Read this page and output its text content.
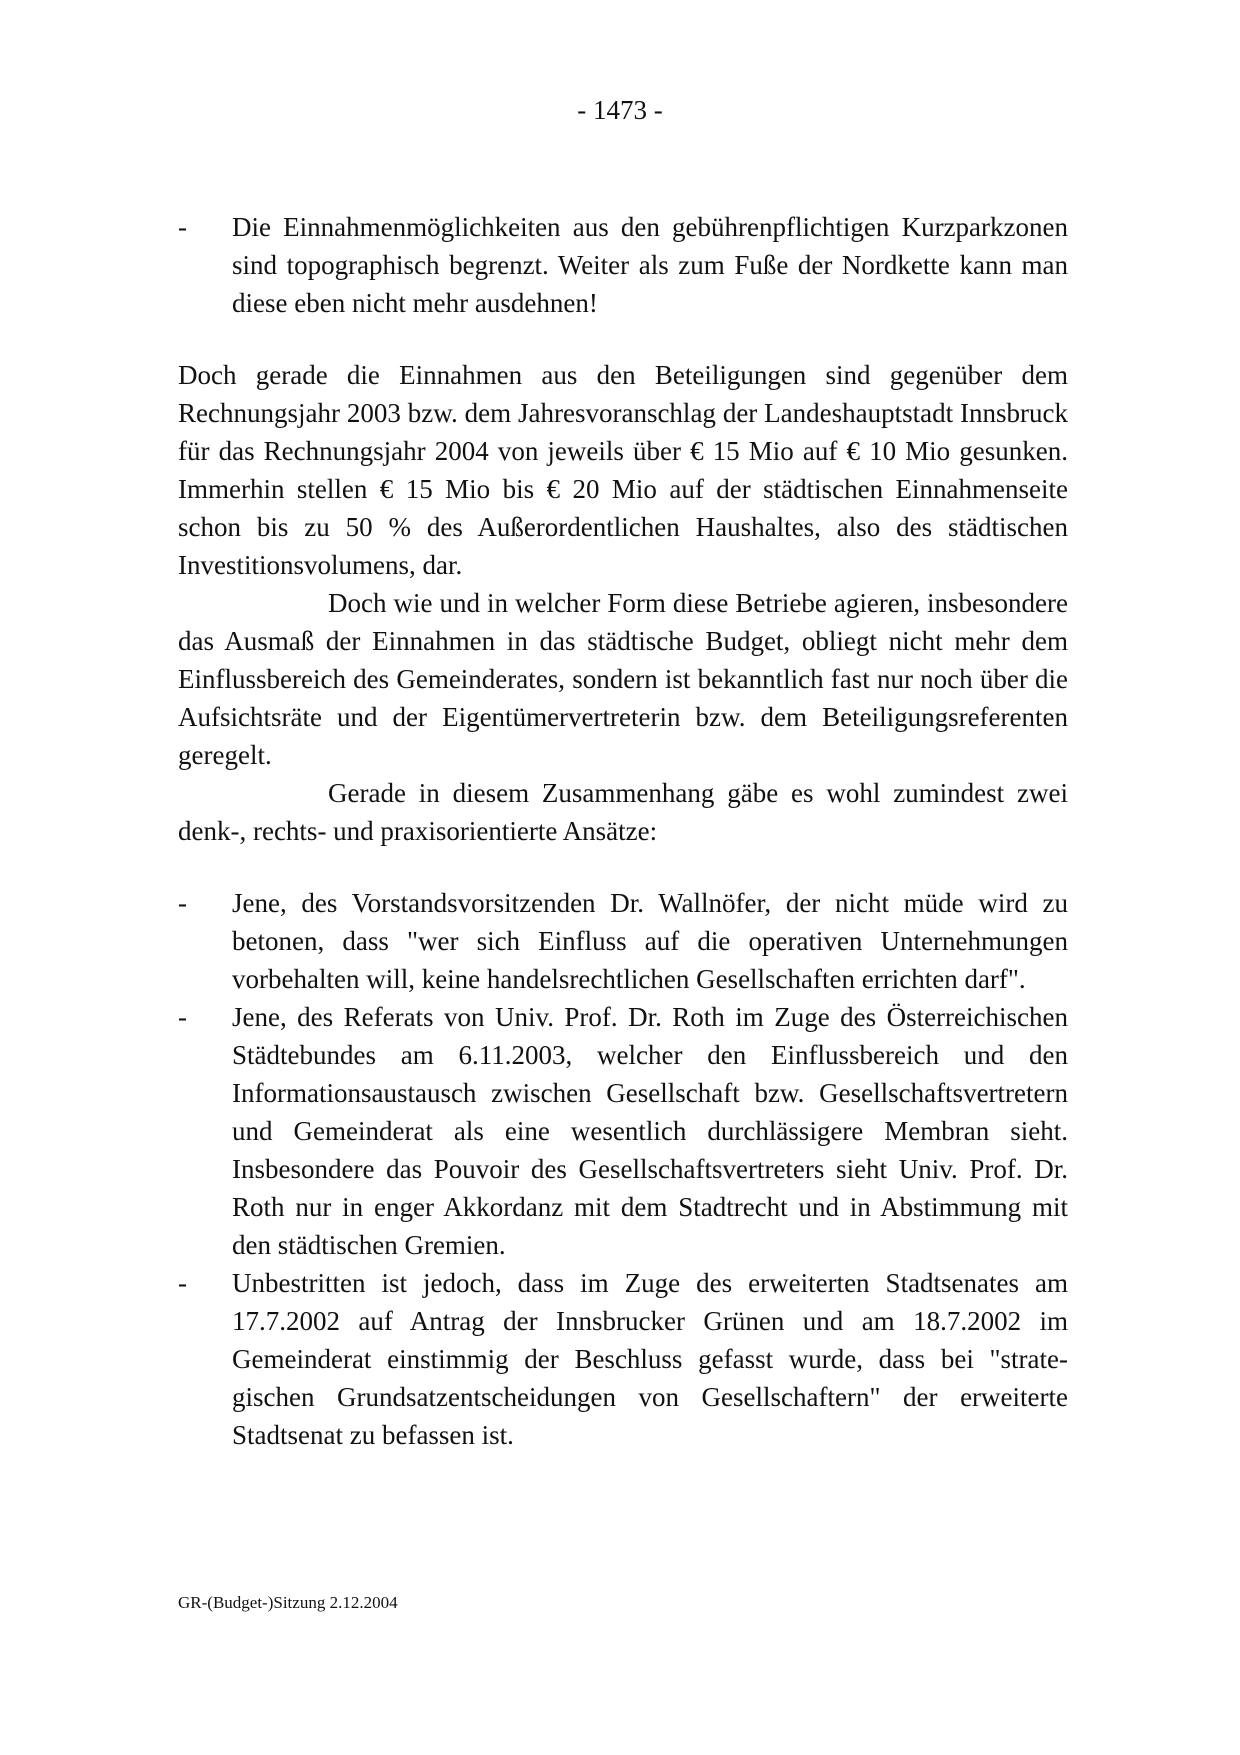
- 1473 -
- Die Einnahmenmöglichkeiten aus den gebührenpflichtigen Kurzparkzonen sind topographisch begrenzt. Weiter als zum Fuße der Nordkette kann man diese eben nicht mehr ausdehnen!

Doch gerade die Einnahmen aus den Beteiligungen sind gegenüber dem Rechnungsjahr 2003 bzw. dem Jahresvoranschlag der Landeshauptstadt Innsbruck für das Rechnungsjahr 2004 von jeweils über € 15 Mio auf € 10 Mio gesunken. Immerhin stellen € 15 Mio bis € 20 Mio auf der städtischen Einnahmenseite schon bis zu 50 % des Außerordentlichen Haushaltes, also des städtischen Investitionsvolumens, dar.

Doch wie und in welcher Form diese Betriebe agieren, insbesondere das Ausmaß der Einnahmen in das städtische Budget, obliegt nicht mehr dem Einflussbereich des Gemeinderates, sondern ist bekanntlich fast nur noch über die Aufsichtsräte und der Eigentümervertreterin bzw. dem Beteiligungsreferenten geregelt.

Gerade in diesem Zusammenhang gäbe es wohl zumindest zwei denk-, rechts- und praxisorientierte Ansätze:

- Jene, des Vorstandsvorsitzenden Dr. Wallnöfer, der nicht müde wird zu betonen, dass "wer sich Einfluss auf die operativen Unternehmungen vorbehalten will, keine handelsrechtlichen Gesellschaften errichten darf".
- Jene, des Referats von Univ. Prof. Dr. Roth im Zuge des Österreichischen Städtebundes am 6.11.2003, welcher den Einflussbereich und den Informationsaustausch zwischen Gesellschaft bzw. Gesellschaftsvertretern und Gemeinderat als eine wesentlich durchlässigere Membran sieht. Insbesondere das Pouvoir des Gesellschaftsvertreters sieht Univ. Prof. Dr. Roth nur in enger Akkordanz mit dem Stadtrecht und in Abstimmung mit den städtischen Gremien.
- Unbestritten ist jedoch, dass im Zuge des erweiterten Stadtsenates am 17.7.2002 auf Antrag der Innsbrucker Grünen und am 18.7.2002 im Gemeinderat einstimmig der Beschluss gefasst wurde, dass bei "strategischen Grundsatzentscheidungen von Gesellschaftern" der erweiterte Stadtsenat zu befassen ist.
GR-(Budget-)Sitzung 2.12.2004
